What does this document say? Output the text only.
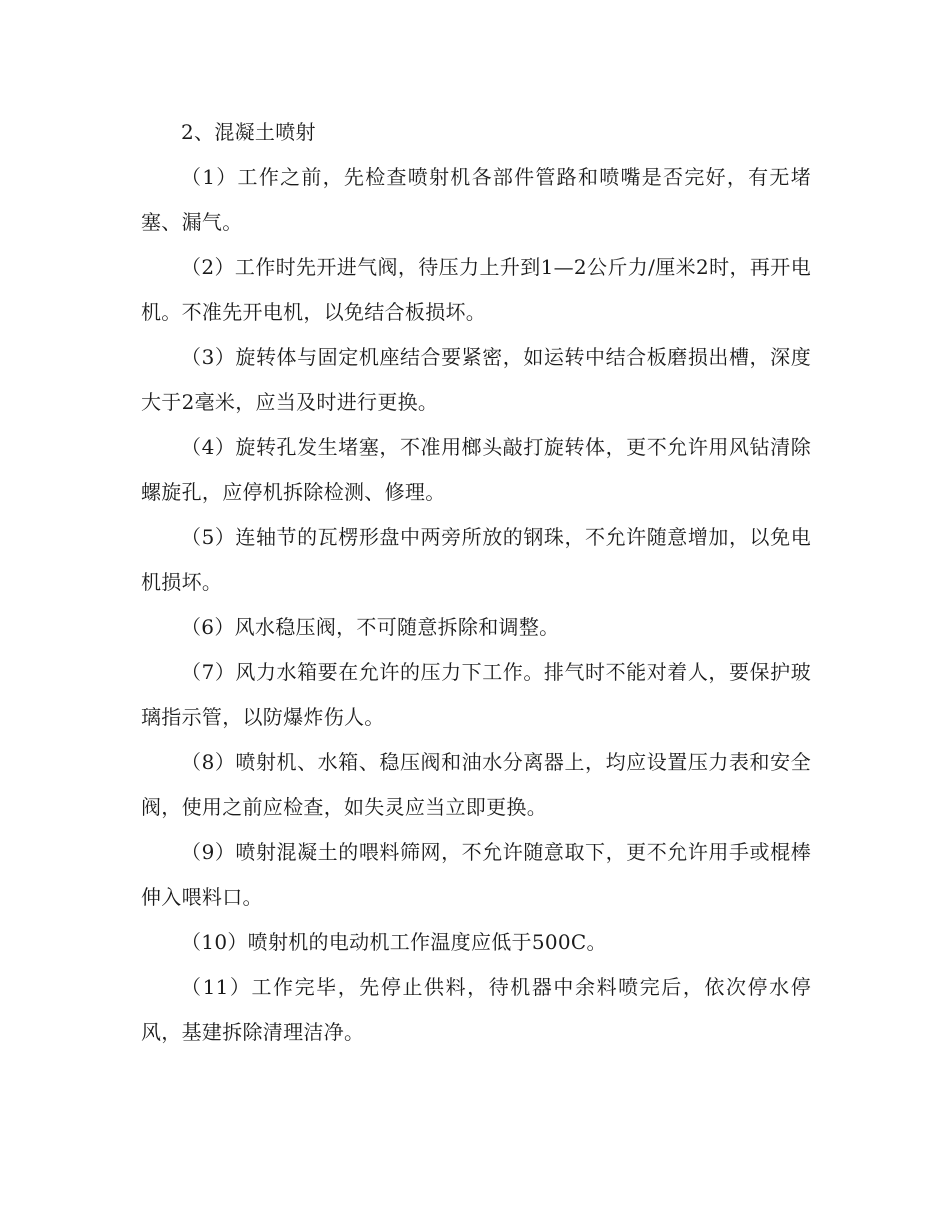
2、混凝土喷射

（1）工作之前，先检查喷射机各部件管路和喷嘴是否完好，有无堵塞、漏气。

（2）工作时先开进气阀，待压力上升到1—2公斤力/厘米2时，再开电机。不准先开电机，以免结合板损坏。

（3）旋转体与固定机座结合要紧密，如运转中结合板磨损出槽，深度大于2毫米，应当及时进行更换。

（4）旋转孔发生堵塞，不准用榔头敲打旋转体，更不允许用风钻清除螺旋孔，应停机拆除检测、修理。

（5）连轴节的瓦楞形盘中两旁所放的钢珠，不允许随意增加，以免电机损坏。

（6）风水稳压阀，不可随意拆除和调整。

（7）风力水箱要在允许的压力下工作。排气时不能对着人，要保护玻璃指示管，以防爆炸伤人。

（8）喷射机、水箱、稳压阀和油水分离器上，均应设置压力表和安全阀，使用之前应检查，如失灵应当立即更换。

（9）喷射混凝土的喂料筛网，不允许随意取下，更不允许用手或棍棒伸入喂料口。

（10）喷射机的电动机工作温度应低于500C。

（11）工作完毕，先停止供料，待机器中余料喷完后，依次停水停风，基建拆除清理洁净。
